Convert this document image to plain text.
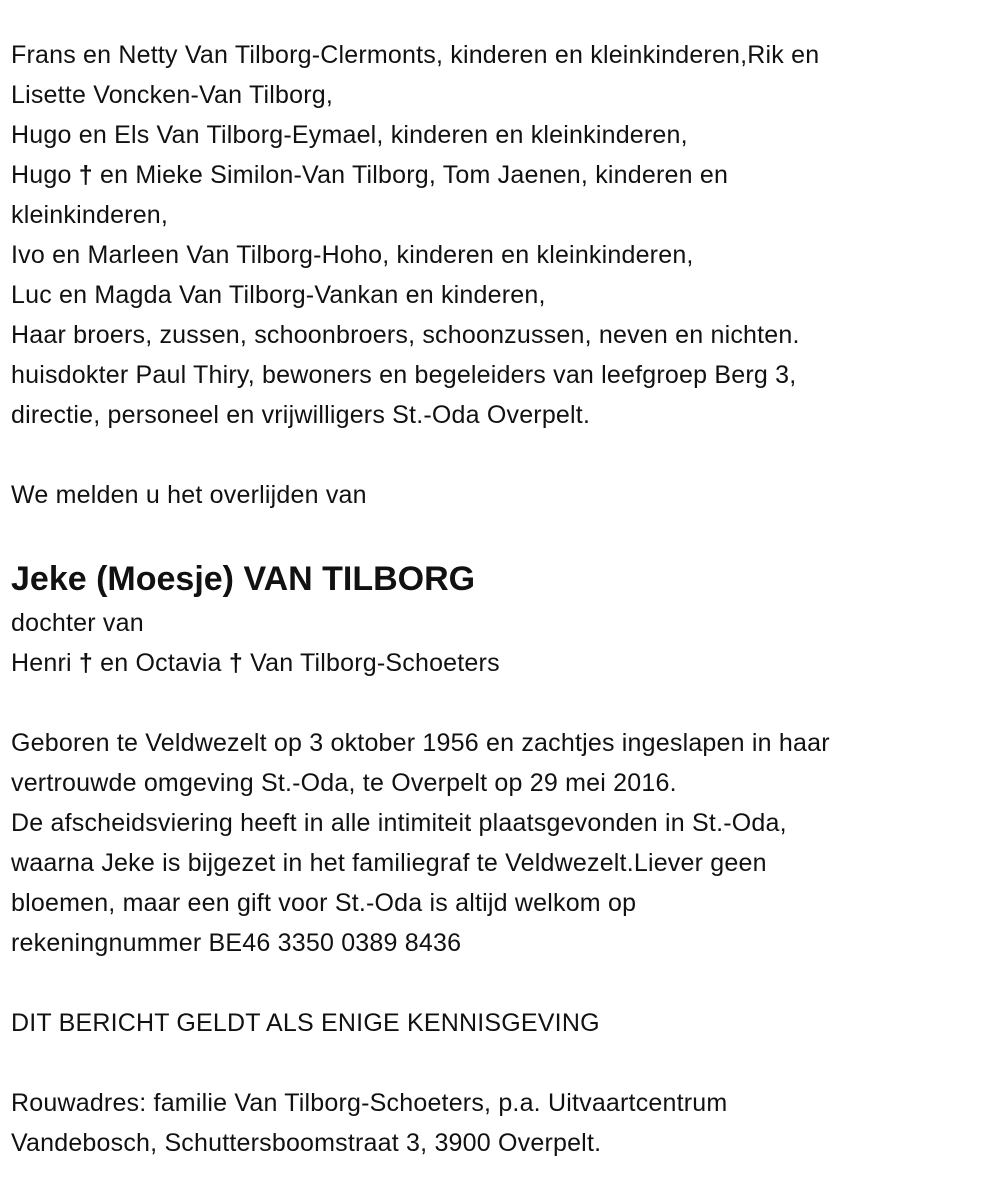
Frans en Netty Van Tilborg-Clermonts, kinderen en kleinkinderen,Rik en
Lisette Voncken-Van Tilborg,
Hugo en Els Van Tilborg-Eymael, kinderen en kleinkinderen,
Hugo † en Mieke Similon-Van Tilborg, Tom Jaenen, kinderen en
kleinkinderen,
Ivo en Marleen Van Tilborg-Hoho, kinderen en kleinkinderen,
Luc en Magda Van Tilborg-Vankan en kinderen,
Haar broers, zussen, schoonbroers, schoonzussen, neven en nichten.
huisdokter Paul Thiry, bewoners en begeleiders van leefgroep Berg 3,
directie, personeel en vrijwilligers St.-Oda Overpelt.
We melden u het overlijden van
Jeke (Moesje) VAN TILBORG
dochter van
Henri † en Octavia † Van Tilborg-Schoeters
Geboren te Veldwezelt op 3 oktober 1956 en zachtjes ingeslapen in haar
vertrouwde omgeving St.-Oda, te Overpelt op 29 mei 2016.
De afscheidsviering heeft in alle intimiteit plaatsgevonden in St.-Oda,
waarna Jeke is bijgezet in het familiegraf te Veldwezelt.Liever geen
bloemen, maar een gift voor St.-Oda is altijd welkom op
rekeningnummer BE46 3350 0389 8436
DIT BERICHT GELDT ALS ENIGE KENNISGEVING
Rouwadres: familie Van Tilborg-Schoeters, p.a. Uitvaartcentrum
Vandebosch, Schuttersboomstraat 3, 3900 Overpelt.
